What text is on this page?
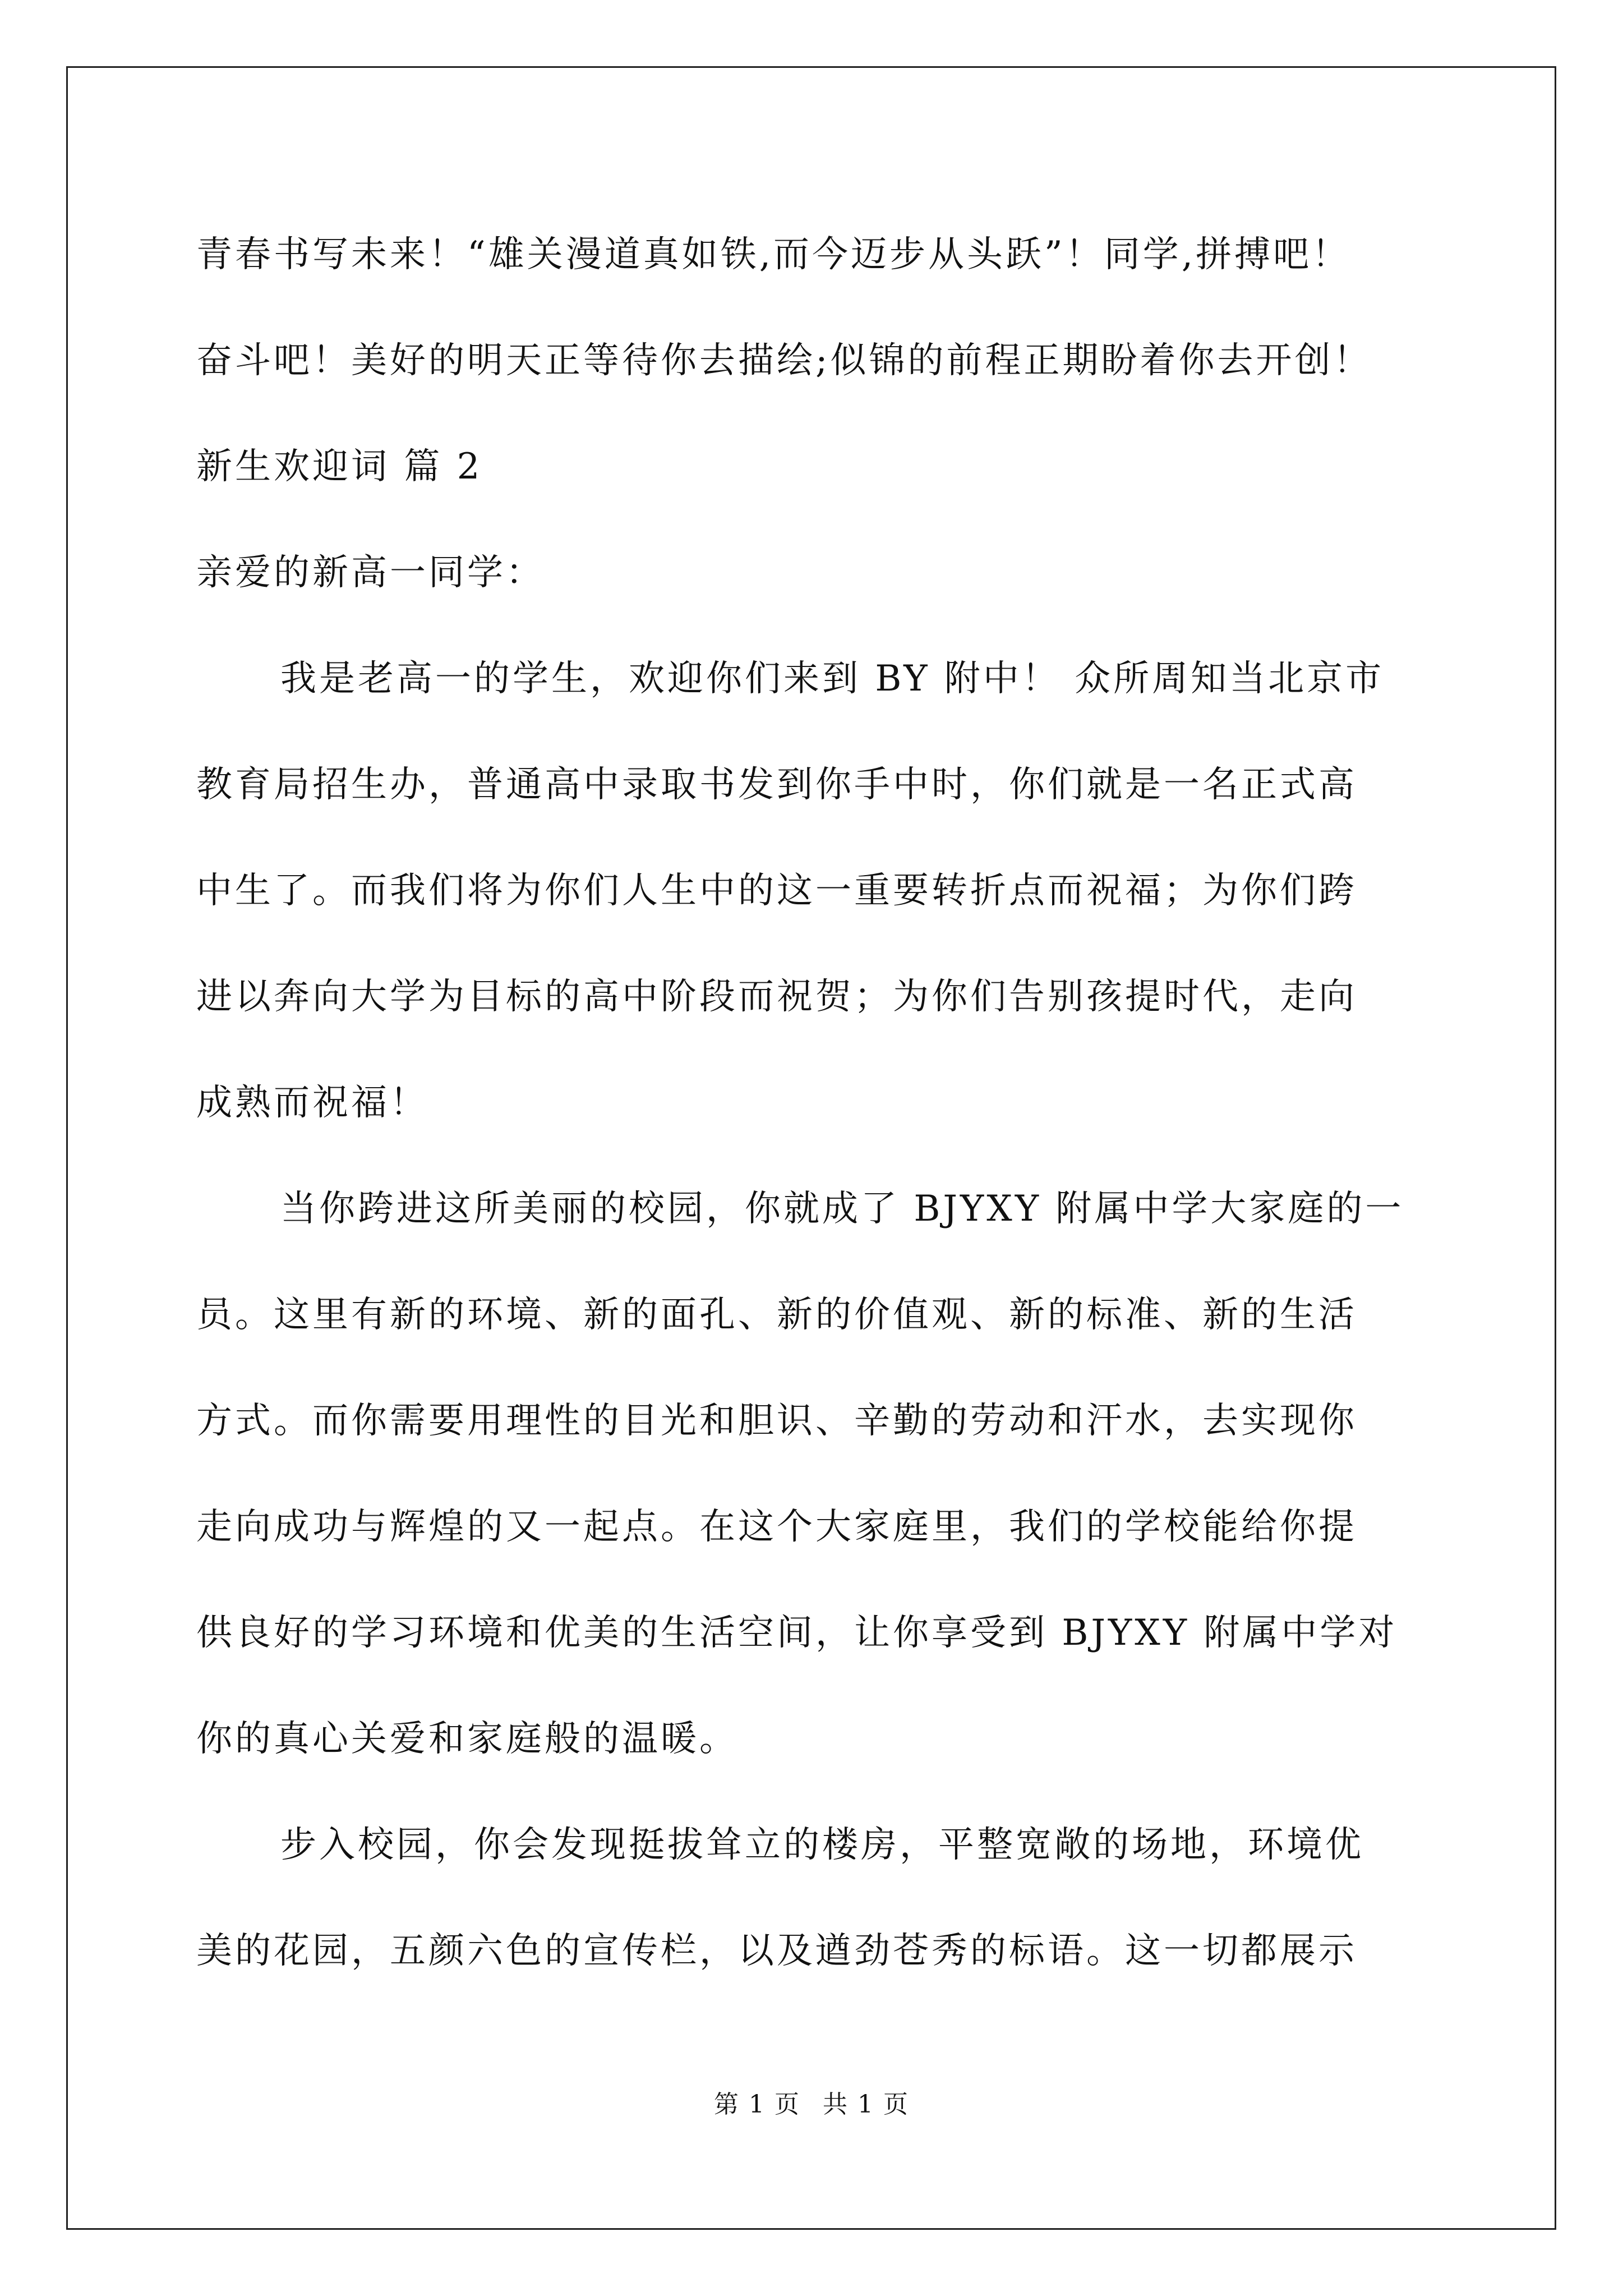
青春书写未来！“雄关漫道真如铁,而今迈步从头跃”！同学,拼搏吧！
奋斗吧！美好的明天正等待你去描绘;似锦的前程正期盼着你去开创！
新生欢迎词 篇 2
亲爱的新高一同学：
我是老高一的学生，欢迎你们来到 BY 附中！ 众所周知当北京市
教育局招生办，普通高中录取书发到你手中时，你们就是一名正式高
中生了。而我们将为你们人生中的这一重要转折点而祝福；为你们跨
进以奔向大学为目标的高中阶段而祝贺；为你们告别孩提时代，走向
成熟而祝福！
当你跨进这所美丽的校园，你就成了 BJYXY 附属中学大家庭的一
员。这里有新的环境、新的面孔、新的价值观、新的标准、新的生活
方式。而你需要用理性的目光和胆识、辛勤的劳动和汗水，去实现你
走向成功与辉煌的又一起点。在这个大家庭里，我们的学校能给你提
供良好的学习环境和优美的生活空间，让你享受到 BJYXY 附属中学对
你的真心关爱和家庭般的温暖。
步入校园，你会发现挺拔耸立的楼房，平整宽敞的场地，环境优
美的花园，五颜六色的宣传栏，以及遒劲苍秀的标语。这一切都展示
第 1 页 共 1 页
